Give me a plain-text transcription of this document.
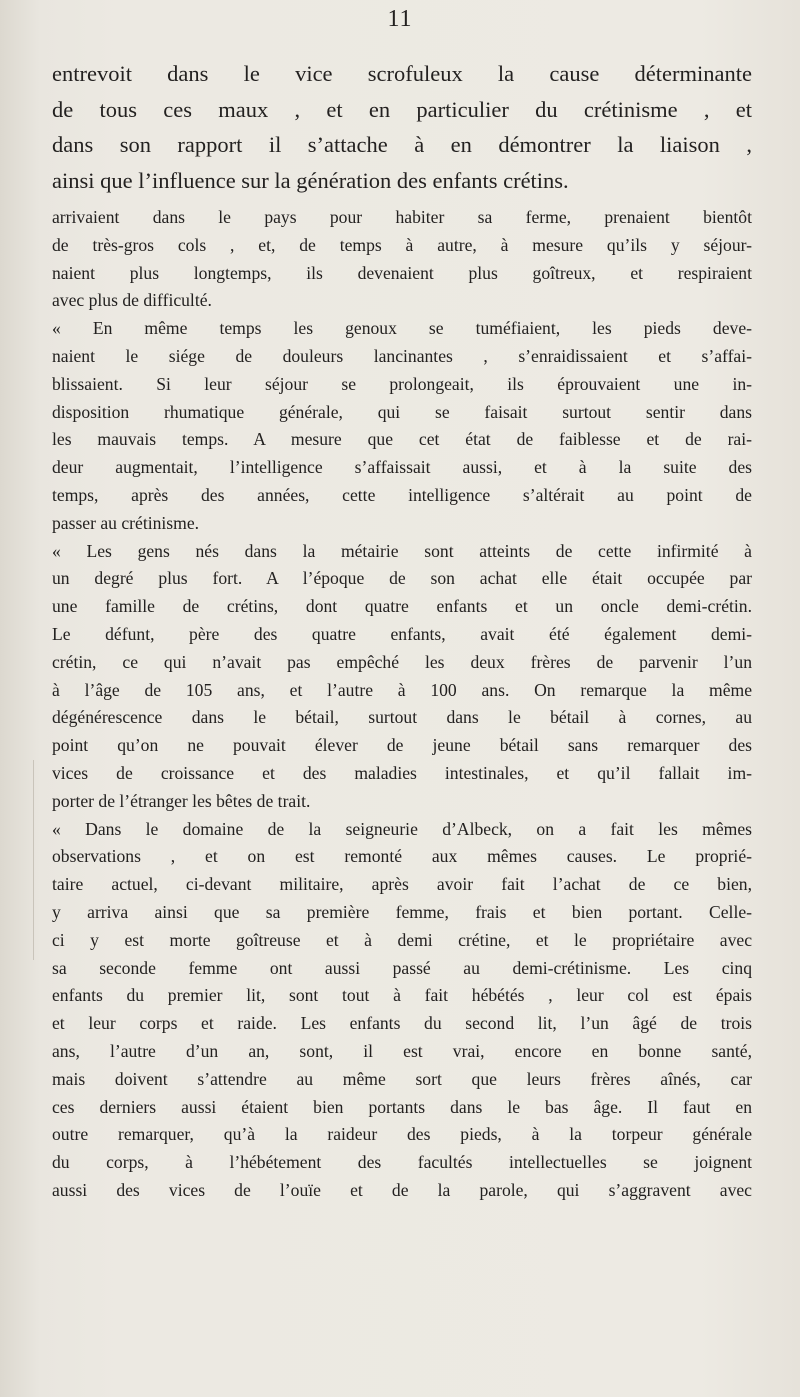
11
entrevoit dans le vice scrofuleux la cause déterminante
de tous ces maux , et en particulier du crétinisme , et
dans son rapport il s’attache à en démontrer la liaison ,
ainsi que l’influence sur la génération des enfants crétins.
arrivaient dans le pays pour habiter sa ferme, prenaient bientôt
de très-gros cols , et, de temps à autre, à mesure qu’ils y séjour-
naient plus longtemps, ils devenaient plus goîtreux, et respiraient
avec plus de difficulté.
« En même temps les genoux se tuméfiaient, les pieds deve-
naient le siége de douleurs lancinantes , s’enraidissaient et s’affai-
blissaient. Si leur séjour se prolongeait, ils éprouvaient une in-
disposition rhumatique générale, qui se faisait surtout sentir dans
les mauvais temps. A mesure que cet état de faiblesse et de rai-
deur augmentait, l’intelligence s’affaissait aussi, et à la suite des
temps, après des années, cette intelligence s’altérait au point de
passer au crétinisme.
« Les gens nés dans la métairie sont atteints de cette infirmité à
un degré plus fort. A l’époque de son achat elle était occupée par
une famille de crétins, dont quatre enfants et un oncle demi-crétin.
Le défunt, père des quatre enfants, avait été également demi-
crétin, ce qui n’avait pas empêché les deux frères de parvenir l’un
à l’âge de 105 ans, et l’autre à 100 ans. On remarque la même
dégénérescence dans le bétail, surtout dans le bétail à cornes, au
point qu’on ne pouvait élever de jeune bétail sans remarquer des
vices de croissance et des maladies intestinales, et qu’il fallait im-
porter de l’étranger les bêtes de trait.
« Dans le domaine de la seigneurie d’Albeck, on a fait les mêmes
observations , et on est remonté aux mêmes causes. Le proprié-
taire actuel, ci-devant militaire, après avoir fait l’achat de ce bien,
y arriva ainsi que sa première femme, frais et bien portant. Celle-
ci y est morte goîtreuse et à demi crétine, et le propriétaire avec
sa seconde femme ont aussi passé au demi-crétinisme. Les cinq
enfants du premier lit, sont tout à fait hébétés , leur col est épais
et leur corps et raide. Les enfants du second lit, l’un âgé de trois
ans, l’autre d’un an, sont, il est vrai, encore en bonne santé,
mais doivent s’attendre au même sort que leurs frères aînés, car
ces derniers aussi étaient bien portants dans le bas âge. Il faut en
outre remarquer, qu’à la raideur des pieds, à la torpeur générale
du corps, à l’hébétement des facultés intellectuelles se joignent
aussi des vices de l’ouïe et de la parole, qui s’aggravent avec
